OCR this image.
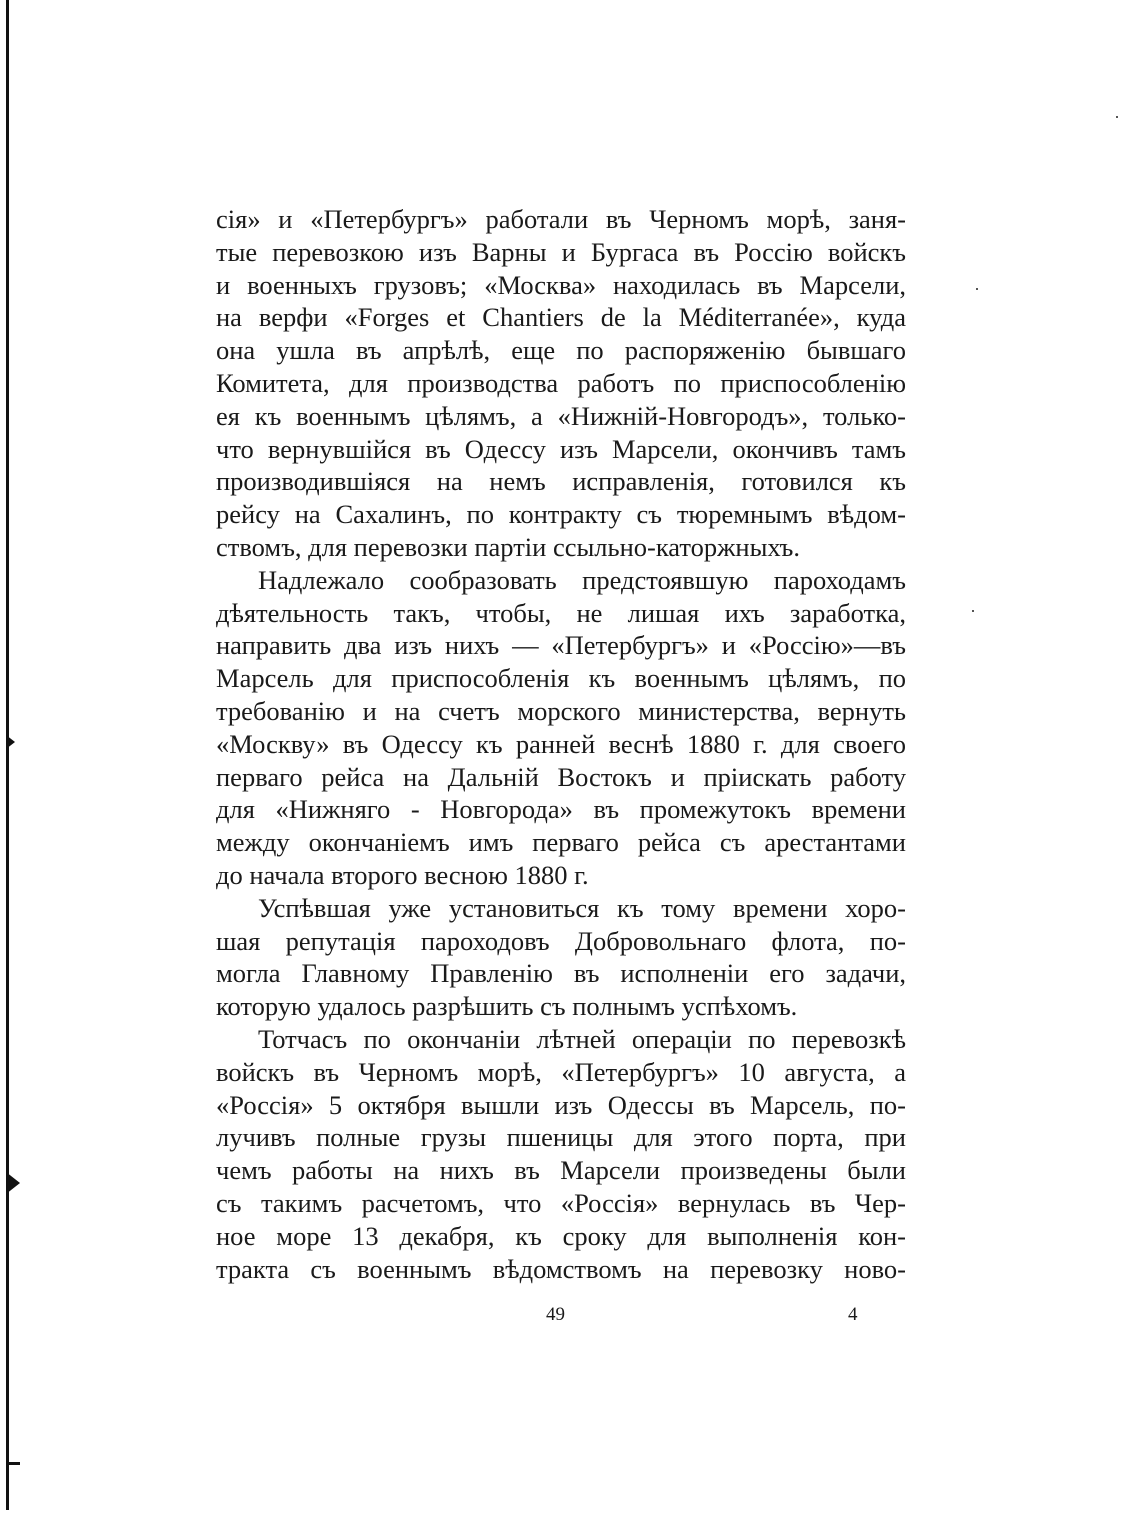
сія» и «Петербургъ» работали въ Черномъ морѣ, заня-
тые перевозкою изъ Варны и Бургаса въ Россію войскъ
и военныхъ грузовъ; «Москва» находилась въ Марсели,
на верфи «Forges et Chantiers de la Méditerranée», куда
она ушла въ апрѣлѣ, еще по распоряженію бывшаго
Комитета, для производства работъ по приспособленію
ея къ военнымъ цѣлямъ, а «Нижній-Новгородъ», только-
что вернувшійся въ Одессу изъ Марсели, окончивъ тамъ
производившіяся на немъ исправленія, готовился къ
рейсу на Сахалинъ, по контракту съ тюремнымъ вѣдом-
ствомъ, для перевозки партіи ссыльно-каторжныхъ.

Надлежало сообразовать предстоявшую пароходамъ
дѣятельность такъ, чтобы, не лишая ихъ заработка,
направить два изъ нихъ — «Петербургъ» и «Россію»—въ
Марсель для приспособленія къ военнымъ цѣлямъ, по
требованію и на счетъ морского министерства, вернуть
«Москву» въ Одессу къ ранней веснѣ 1880 г. для своего
перваго рейса на Дальній Востокъ и пріискать работу
для «Нижняго - Новгорода» въ промежутокъ времени
между окончаніемъ имъ перваго рейса съ арестантами
до начала второго весною 1880 г.

Успѣвшая уже установиться къ тому времени хоро-
шая репутація пароходовъ Добровольнаго флота, по-
могла Главному Правленію въ исполненіи его задачи,
которую удалось разрѣшить съ полнымъ успѣхомъ.

Тотчасъ по окончаніи лѣтней операціи по перевозкѣ
войскъ въ Черномъ морѣ, «Петербургъ» 10 августа, а
«Россія» 5 октября вышли изъ Одессы въ Марсель, по-
лучивъ полные грузы пшеницы для этого порта, при
чемъ работы на нихъ въ Марсели произведены были
съ такимъ расчетомъ, что «Россія» вернулась въ Чер-
ное море 13 декабря, къ сроку для выполненія кон-
тракта съ военнымъ вѣдомствомъ на перевозку ново-

49	4
